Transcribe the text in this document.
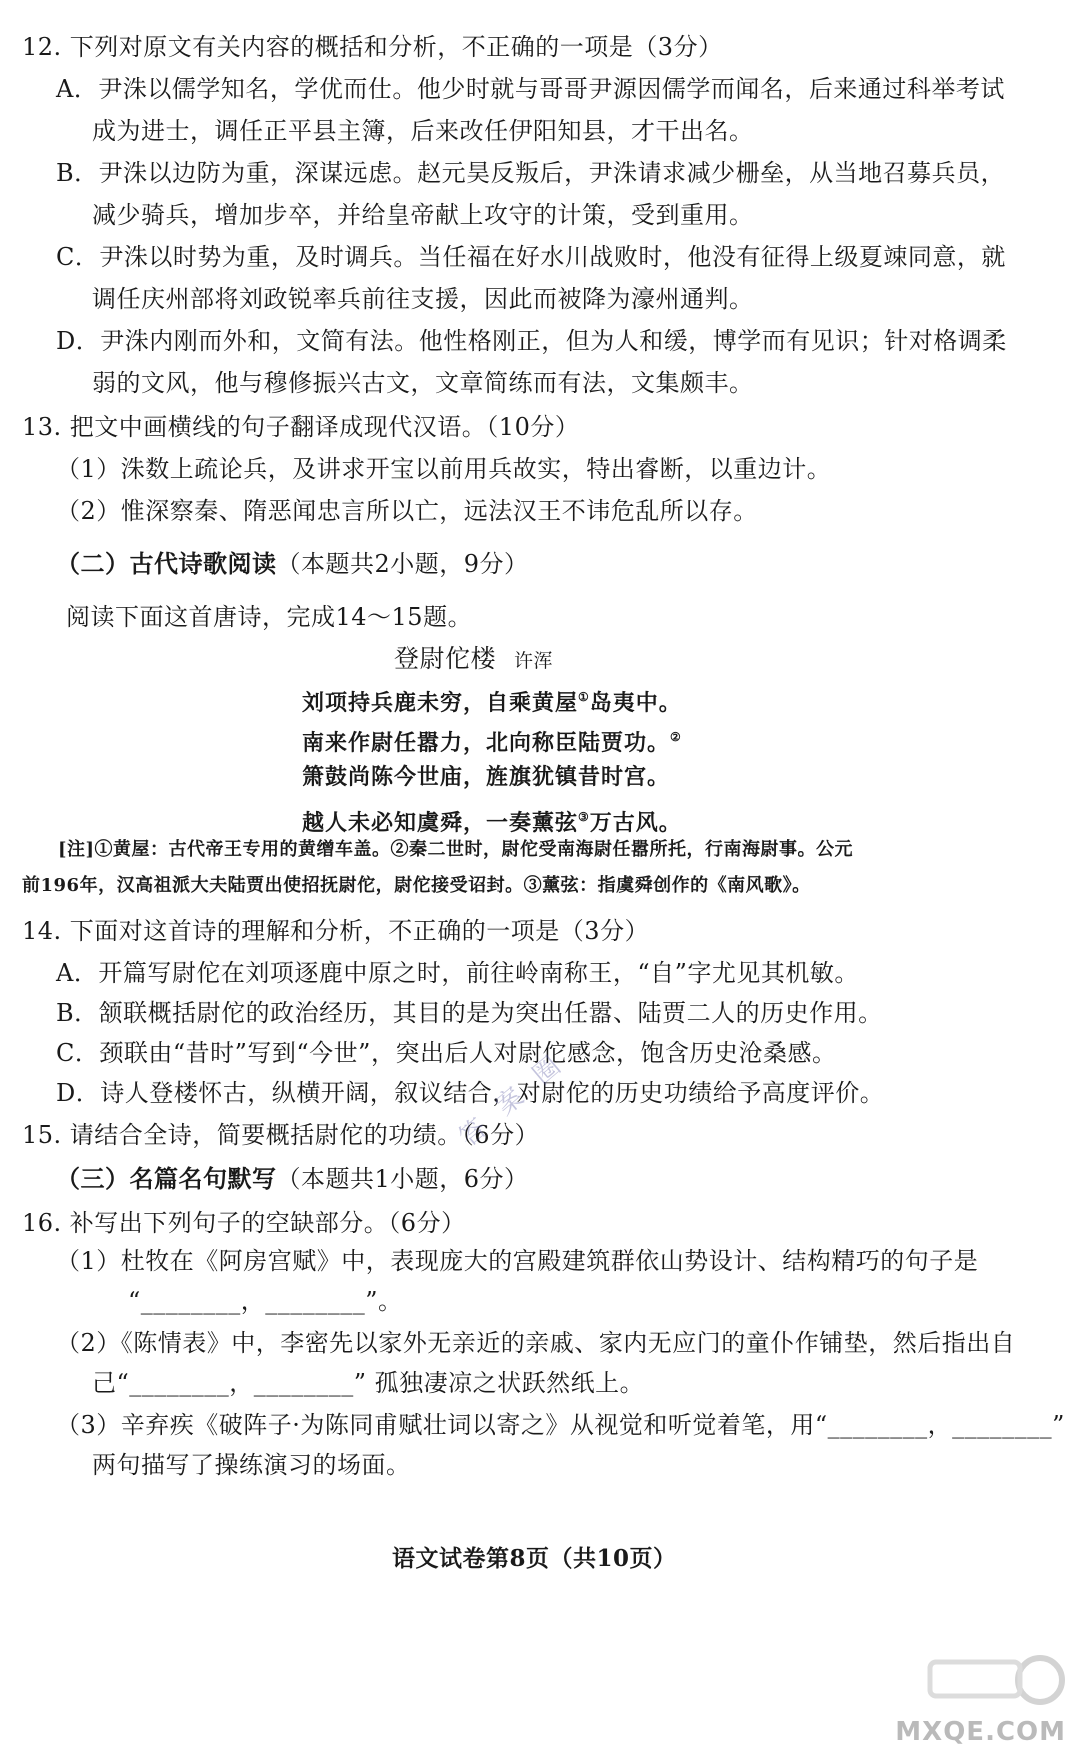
12. 下列对原文有关内容的概括和分析，不正确的一项是（3分）
A．尹洙以儒学知名，学优而仕。他少时就与哥哥尹源因儒学而闻名，后来通过科举考试
成为进士，调任正平县主簿，后来改任伊阳知县，才干出名。
B．尹洙以边防为重，深谋远虑。赵元昊反叛后，尹洙请求减少栅垒，从当地召募兵员，
减少骑兵，增加步卒，并给皇帝献上攻守的计策，受到重用。
C．尹洙以时势为重，及时调兵。当任福在好水川战败时，他没有征得上级夏竦同意，就
调任庆州部将刘政锐率兵前往支援，因此而被降为濠州通判。
D．尹洙内刚而外和，文简有法。他性格刚正，但为人和缓，博学而有见识；针对格调柔
弱的文风，他与穆修振兴古文，文章简练而有法，文集颇丰。
13. 把文中画横线的句子翻译成现代汉语。（10分）
（1）洙数上疏论兵，及讲求开宝以前用兵故实，特出睿断，以重边计。
（2）惟深察秦、隋恶闻忠言所以亡，远法汉王不讳危乱所以存。
（二）古代诗歌阅读（本题共2小题，9分）
阅读下面这首唐诗，完成14～15题。
登尉佗楼 许浑
刘项持兵鹿未穷，自乘黄屋①岛夷中。
南来作尉任嚣力，北向称臣陆贾功。②
箫鼓尚陈今世庙，旌旗犹镇昔时宫。
越人未必知虞舜，一奏薰弦③万古风。
[注]①黄屋：古代帝王专用的黄缯车盖。②秦二世时，尉佗受南海尉任嚣所托，行南海尉事。公元
前196年，汉高祖派大夫陆贾出使招抚尉佗，尉佗接受诏封。③薰弦：指虞舜创作的《南风歌》。
14. 下面对这首诗的理解和分析，不正确的一项是（3分）
A．开篇写尉佗在刘项逐鹿中原之时，前往岭南称王，“自”字尤见其机敏。
B．颔联概括尉佗的政治经历，其目的是为突出任嚣、陆贾二人的历史作用。
C．颈联由“昔时”写到“今世”，突出后人对尉佗感念，饱含历史沧桑感。
D．诗人登楼怀古，纵横开阔，叙议结合，对尉佗的历史功绩给予高度评价。
15. 请结合全诗，简要概括尉佗的功绩。（6分）
（三）名篇名句默写（本题共1小题，6分）
16. 补写出下列句子的空缺部分。（6分）
（1）杜牧在《阿房宫赋》中，表现庞大的宫殿建筑群依山势设计、结构精巧的句子是
“________，________”。
（2）《陈情表》中，李密先以家外无亲近的亲戚、家内无应门的童仆作铺垫，然后指出自
己“________，________” 孤独凄凉之状跃然纸上。
（3）辛弃疾《破阵子·为陈同甫赋壮词以寄之》从视觉和听觉着笔，用“________，________”
两句描写了操练演习的场面。
语文试卷第8页（共10页）
答案圈
MXQE.COM
